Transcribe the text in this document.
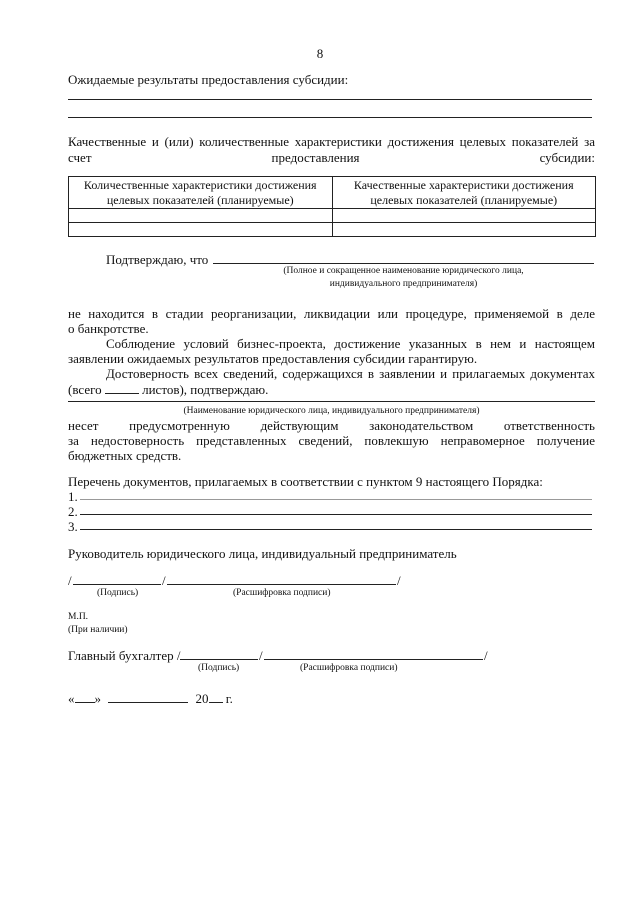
8
Ожидаемые результаты предоставления субсидии:
Качественные и (или) количественные характеристики достижения целевых показателей за счет предоставления субсидии:
Количественные характеристики достижения целевых показателей (планируемые)	Качественные характеристики достижения целевых показателей (планируемые)

Подтверждаю, что
(Полное и сокращенное наименование юридического лица,
индивидуального предпринимателя)
не находится в стадии реорганизации, ликвидации или процедуре, применяемой в деле
о банкротстве.
Соблюдение условий бизнес-проекта, достижение указанных в нем и настоящем
заявлении ожидаемых результатов предоставления субсидии гарантирую.
Достоверность всех сведений, содержащихся в заявлении и прилагаемых документах
(всего	листов), подтверждаю.
(Наименование юридического лица, индивидуального предпринимателя)
несет предусмотренную действующим законодательством ответственность
за недостоверность представленных сведений, повлекшую неправомерное получение
бюджетных средств.
Перечень документов, прилагаемых в соответствии с пунктом 9 настоящего Порядка:
1.
2.
3.
Руководитель юридического лица, индивидуальный предприниматель
/	/	/
(Подпись)	(Расшифровка подписи)
М.П.
(При наличии)
Главный бухгалтер /	/	/
(Подпись)	(Расшифровка подписи)
« »	20 г.
